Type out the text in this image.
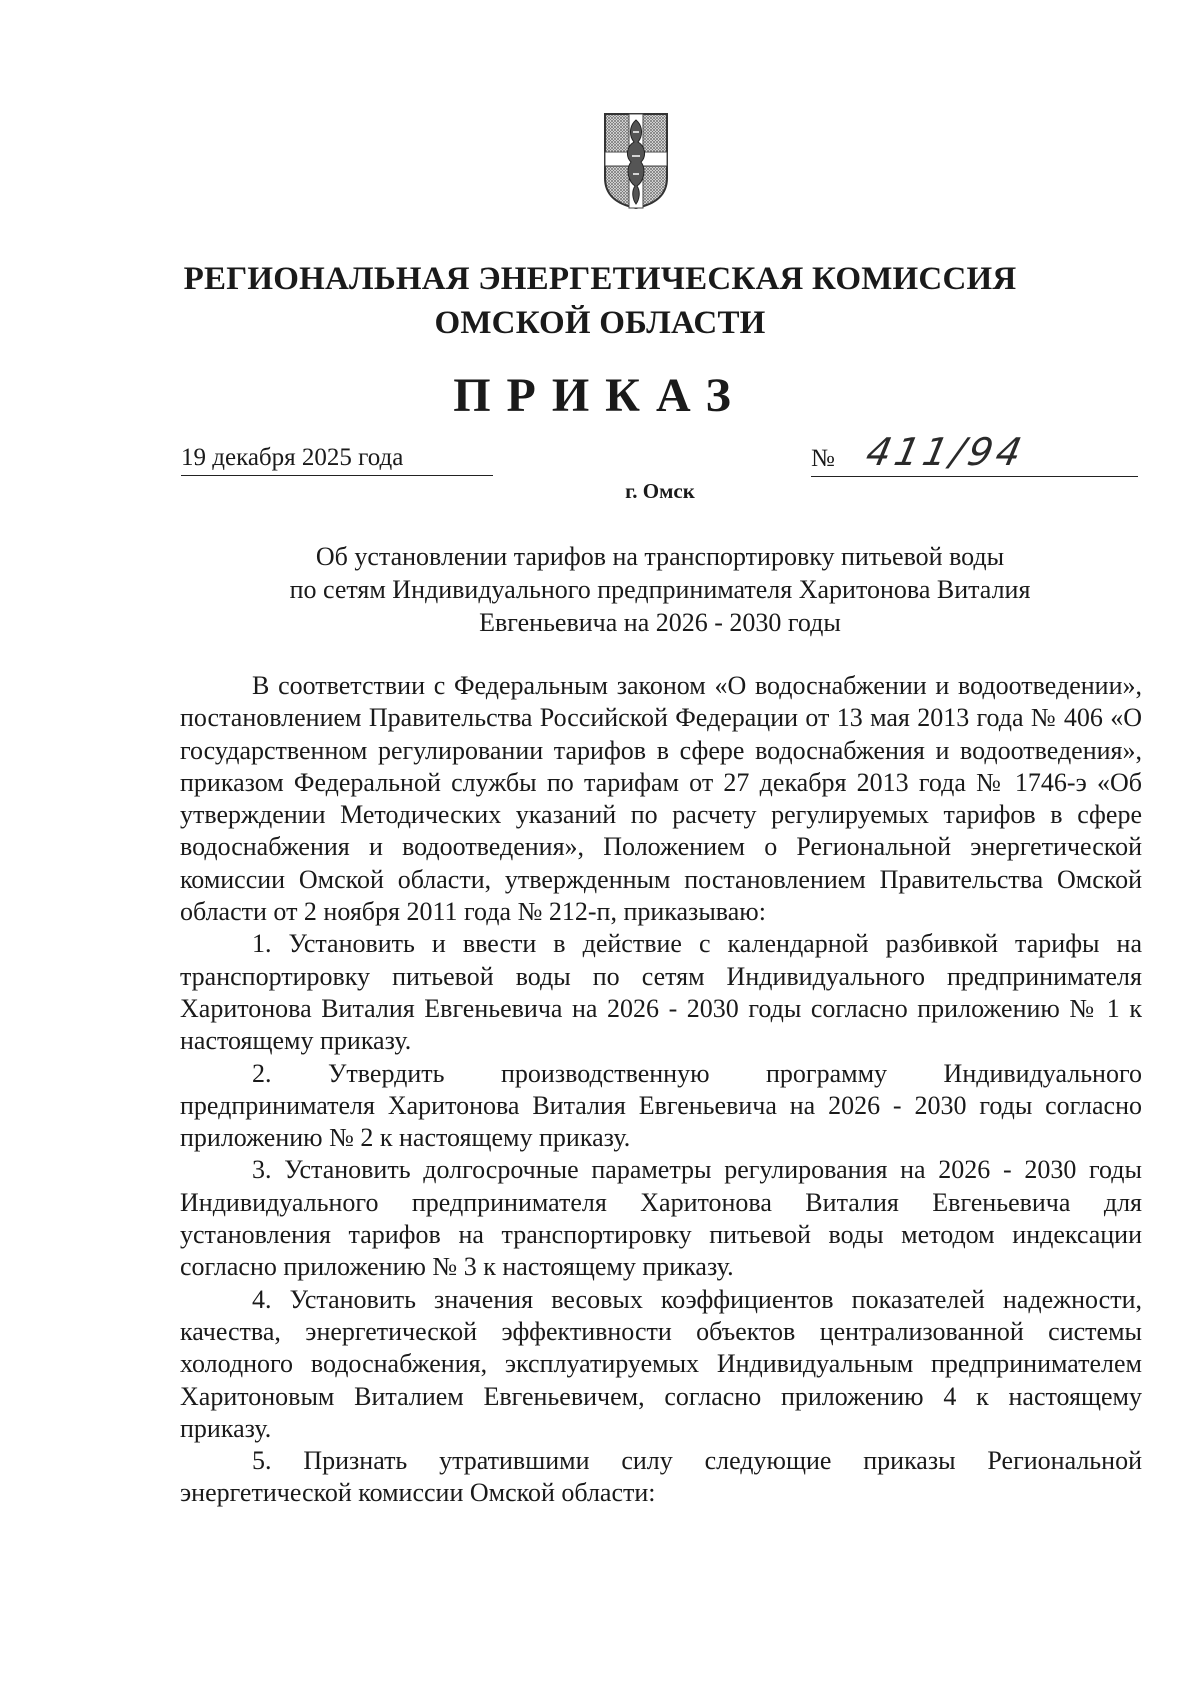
РЕГИОНАЛЬНАЯ ЭНЕРГЕТИЧЕСКАЯ КОМИССИЯ
ОМСКОЙ ОБЛАСТИ
ПРИКАЗ
19 декабря 2025 года	№ 411/94
г. Омск
Об установлении тарифов на транспортировку питьевой воды
по сетям Индивидуального предпринимателя Харитонова Виталия
Евгеньевича на 2026 - 2030 годы

В соответствии с Федеральным законом «О водоснабжении и водоотведении», постановлением Правительства Российской Федерации от 13 мая 2013 года № 406 «О государственном регулировании тарифов в сфере водоснабжения и водоотведения», приказом Федеральной службы по тарифам от 27 декабря 2013 года № 1746-э «Об утверждении Методических указаний по расчету регулируемых тарифов в сфере водоснабжения и водоотведения», Положением о Региональной энергетической комиссии Омской области, утвержденным постановлением Правительства Омской области от 2 ноября 2011 года № 212-п, приказываю:

1. Установить и ввести в действие с календарной разбивкой тарифы на транспортировку питьевой воды по сетям Индивидуального предпринимателя Харитонова Виталия Евгеньевича на 2026 - 2030 годы согласно приложению № 1 к настоящему приказу.

2. Утвердить производственную программу Индивидуального предпринимателя Харитонова Виталия Евгеньевича на 2026 - 2030 годы согласно приложению № 2 к настоящему приказу.

3. Установить долгосрочные параметры регулирования на 2026 - 2030 годы Индивидуального предпринимателя Харитонова Виталия Евгеньевича для установления тарифов на транспортировку питьевой воды методом индексации согласно приложению № 3 к настоящему приказу.

4. Установить значения весовых коэффициентов показателей надежности, качества, энергетической эффективности объектов централизованной системы холодного водоснабжения, эксплуатируемых Индивидуальным предпринимателем Харитоновым Виталием Евгеньевичем, согласно приложению 4 к настоящему приказу.

5. Признать утратившими силу следующие приказы Региональной энергетической комиссии Омской области:
